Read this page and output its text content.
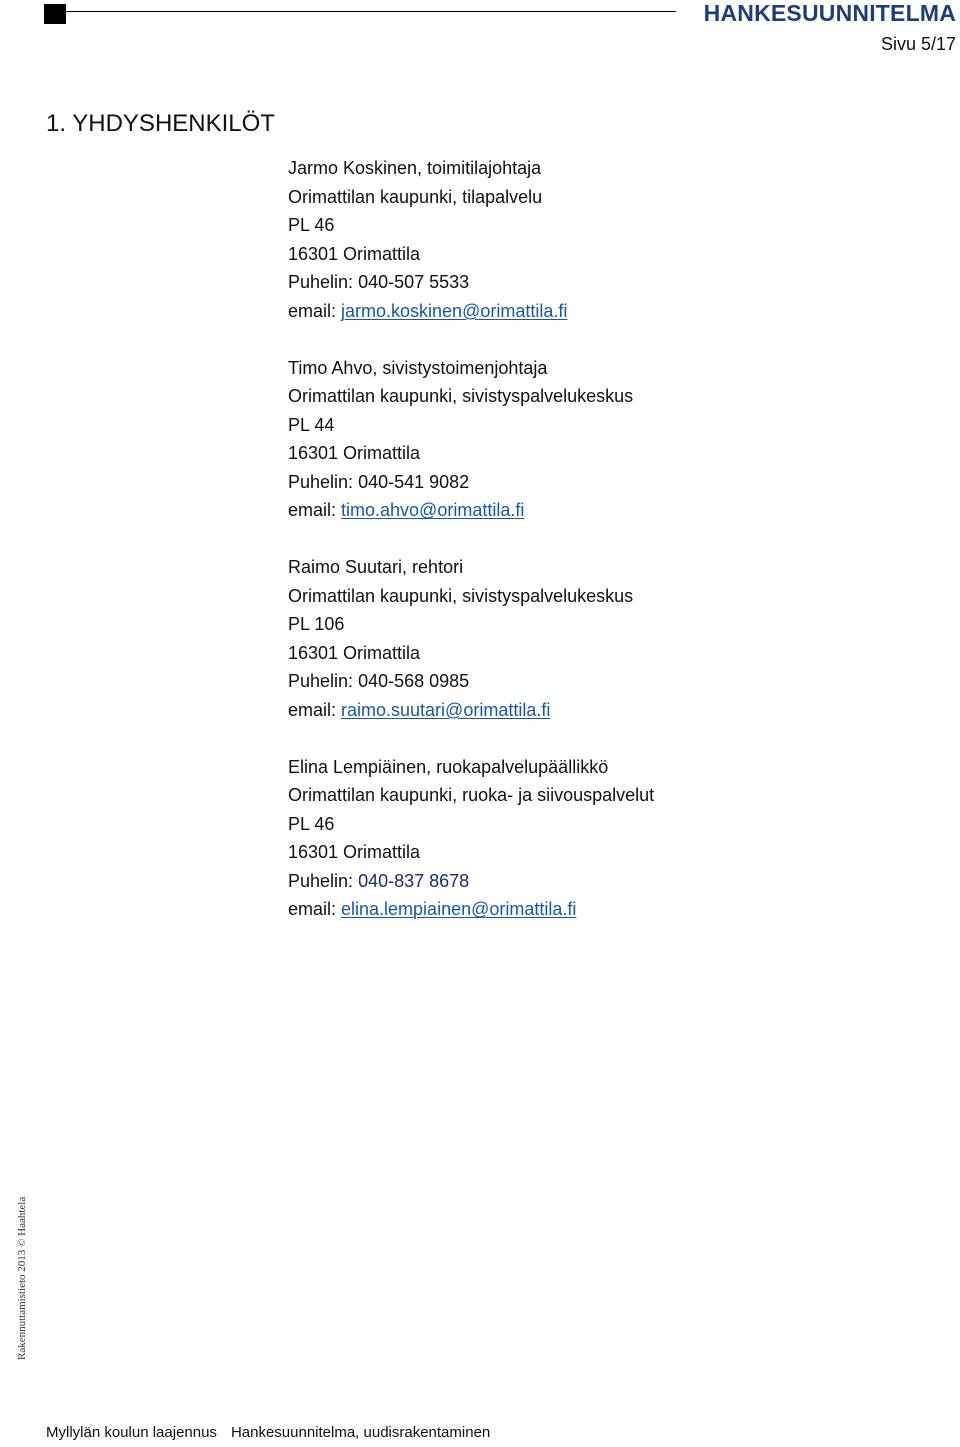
HANKESUUNNITELMA
Sivu 5/17
1. YHDYSHENKILÖT
Jarmo Koskinen, toimitilajohtaja
Orimattilan kaupunki, tilapalvelu
PL 46
16301 Orimattila
Puhelin: 040-507 5533
email: jarmo.koskinen@orimattila.fi
Timo Ahvo, sivistystoimenjohtaja
Orimattilan kaupunki, sivistyspalvelukeskus
PL 44
16301 Orimattila
Puhelin: 040-541 9082
email: timo.ahvo@orimattila.fi
Raimo Suutari, rehtori
Orimattilan kaupunki, sivistyspalvelukeskus
PL 106
16301 Orimattila
Puhelin: 040-568 0985
email: raimo.suutari@orimattila.fi
Elina Lempiäinen, ruokapalvelupäällikkö
Orimattilan kaupunki, ruoka- ja siivouspalvelut
PL 46
16301 Orimattila
Puhelin: 040-837 8678
email: elina.lempiainen@orimattila.fi
Rakennuttamistieto 2013 © Haahtela
Myllylän koulun laajennus Hankesuunnitelma, uudisrakentaminen
